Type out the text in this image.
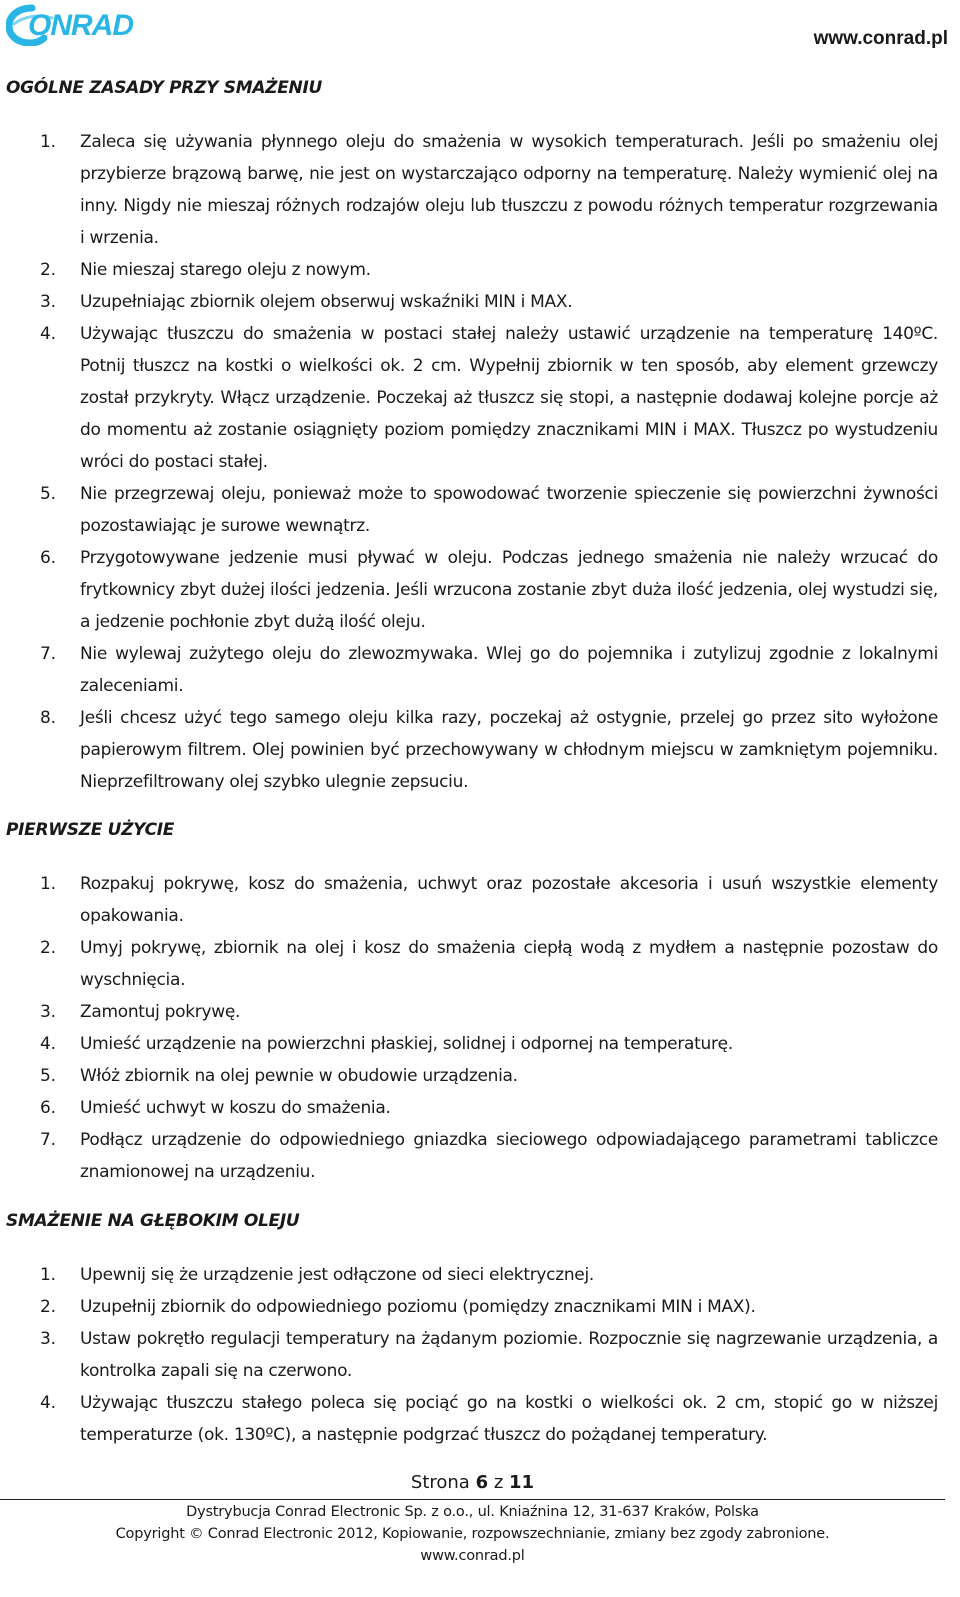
ONRAD	www.conrad.pl
OGÓLNE ZASADY PRZY SMAŻENIU
1. Zaleca się używania płynnego oleju do smażenia w wysokich temperaturach. Jeśli po smażeniu olej przybierze brązową barwę, nie jest on wystarczająco odporny na temperaturę. Należy wymienić olej na inny. Nigdy nie mieszaj różnych rodzajów oleju lub tłuszczu z powodu różnych temperatur rozgrzewania i wrzenia.
2. Nie mieszaj starego oleju z nowym.
3. Uzupełniając zbiornik olejem obserwuj wskaźniki MIN i MAX.
4. Używając tłuszczu do smażenia w postaci stałej należy ustawić urządzenie na temperaturę 140ºC. Potnij tłuszcz na kostki o wielkości ok. 2 cm. Wypełnij zbiornik w ten sposób, aby element grzewczy został przykryty. Włącz urządzenie. Poczekaj aż tłuszcz się stopi, a następnie dodawaj kolejne porcje aż do momentu aż zostanie osiągnięty poziom pomiędzy znacznikami MIN i MAX. Tłuszcz po wystudzeniu wróci do postaci stałej.
5. Nie przegrzewaj oleju, ponieważ może to spowodować tworzenie spieczenie się powierzchni żywności pozostawiając je surowe wewnątrz.
6. Przygotowywane jedzenie musi pływać w oleju. Podczas jednego smażenia nie należy wrzucać do frytkownicy zbyt dużej ilości jedzenia. Jeśli wrzucona zostanie zbyt duża ilość jedzenia, olej wystudzi się, a jedzenie pochłonie zbyt dużą ilość oleju.
7. Nie wylewaj zużytego oleju do zlewozmywaka. Wlej go do pojemnika i zutylizuj zgodnie z lokalnymi zaleceniami.
8. Jeśli chcesz użyć tego samego oleju kilka razy, poczekaj aż ostygnie, przelej go przez sito wyłożone papierowym filtrem. Olej powinien być przechowywany w chłodnym miejscu w zamkniętym pojemniku. Nieprzefiltrowany olej szybko ulegnie zepsuciu.
PIERWSZE UŻYCIE
1. Rozpakuj pokrywę, kosz do smażenia, uchwyt oraz pozostałe akcesoria i usuń wszystkie elementy opakowania.
2. Umyj pokrywę, zbiornik na olej i kosz do smażenia ciepłą wodą z mydłem a następnie pozostaw do wyschnięcia.
3. Zamontuj pokrywę.
4. Umieść urządzenie na powierzchni płaskiej, solidnej i odpornej na temperaturę.
5. Włóż zbiornik na olej pewnie w obudowie urządzenia.
6. Umieść uchwyt w koszu do smażenia.
7. Podłącz urządzenie do odpowiedniego gniazdka sieciowego odpowiadającego parametrami tabliczce znamionowej na urządzeniu.
SMAŻENIE NA GŁĘBOKIM OLEJU
1. Upewnij się że urządzenie jest odłączone od sieci elektrycznej.
2. Uzupełnij zbiornik do odpowiedniego poziomu (pomiędzy znacznikami MIN i MAX).
3. Ustaw pokrętło regulacji temperatury na żądanym poziomie. Rozpocznie się nagrzewanie urządzenia, a kontrolka zapali się na czerwono.
4. Używając tłuszczu stałego poleca się pociąć go na kostki o wielkości ok. 2 cm, stopić go w niższej temperaturze (ok. 130ºC), a następnie podgrzać tłuszcz do pożądanej temperatury.
Strona 6 z 11
Dystrybucja Conrad Electronic Sp. z o.o., ul. Kniaźnina 12, 31-637 Kraków, Polska
Copyright © Conrad Electronic 2012, Kopiowanie, rozpowszechnianie, zmiany bez zgody zabronione.
www.conrad.pl
